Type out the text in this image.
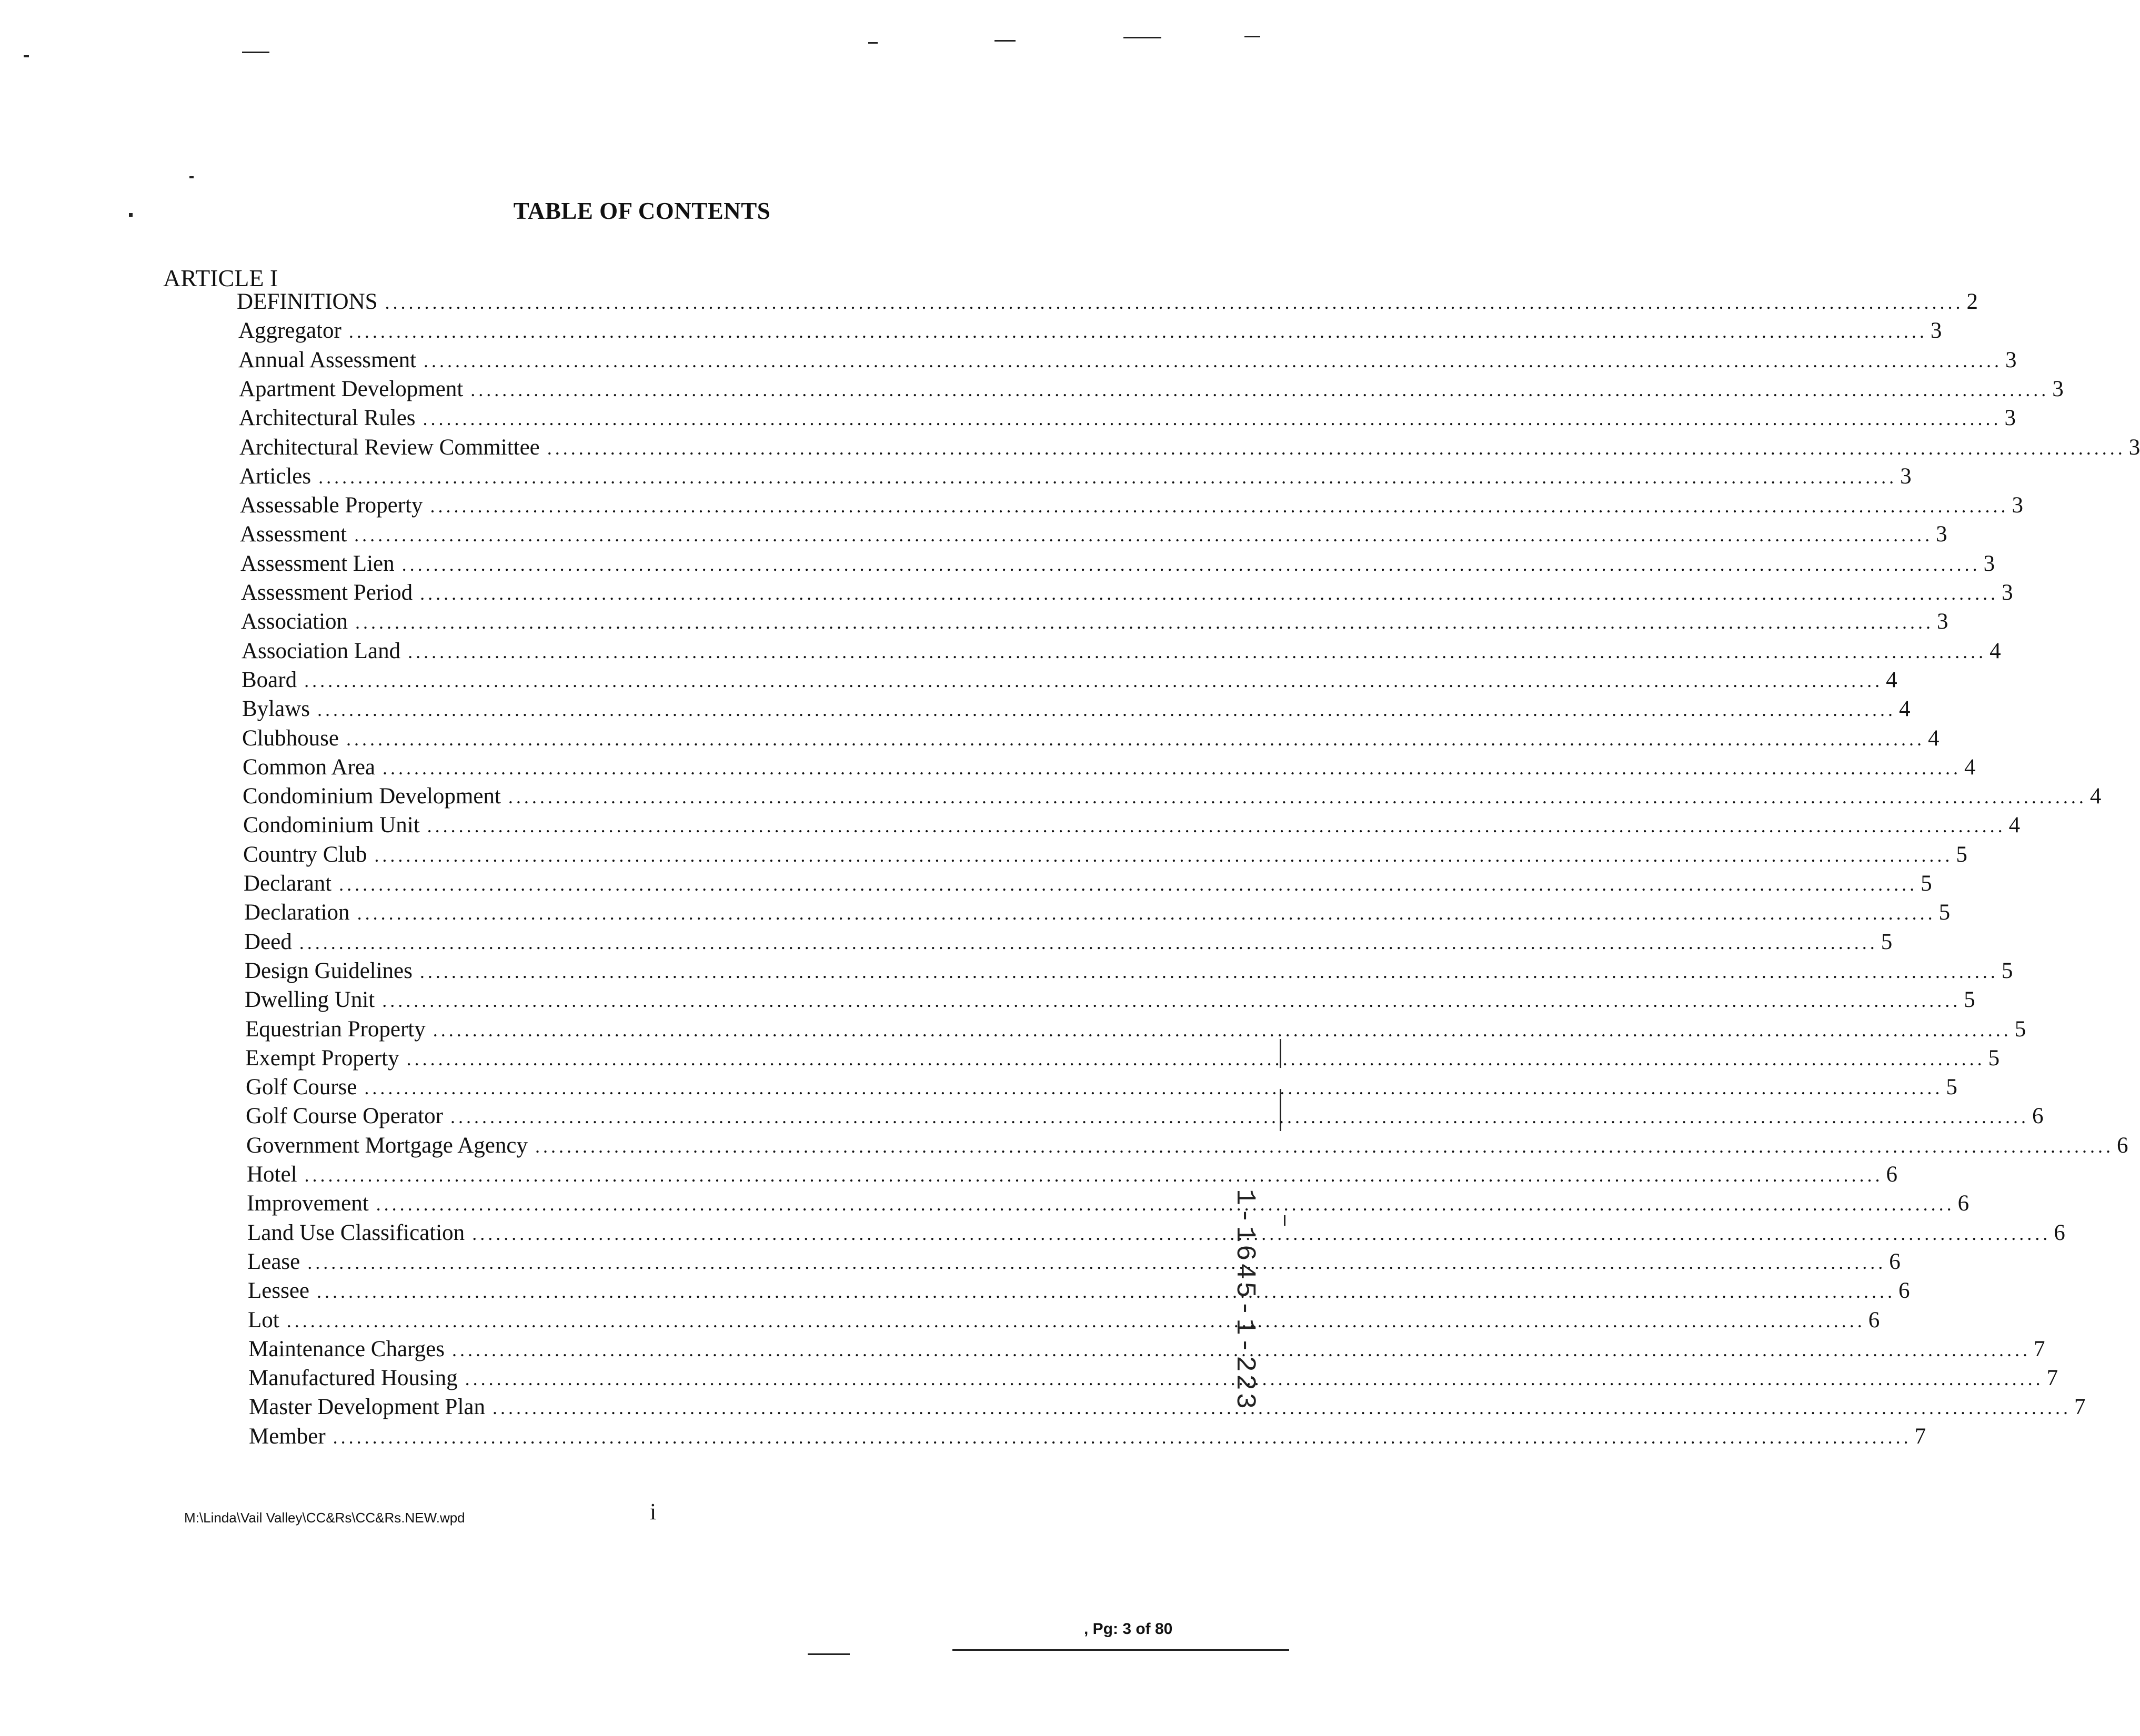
TABLE OF CONTENTS
ARTICLE I
DEFINITIONS ........................................................................................................................................................................................................ 2
Aggregator ........................................................................................................................................................................................................ 3
Annual Assessment ........................................................................................................................................................................................................ 3
Apartment Development ........................................................................................................................................................................................................ 3
Architectural Rules ........................................................................................................................................................................................................ 3
Architectural Review Committee ........................................................................................................................................................................................................ 3
Articles ........................................................................................................................................................................................................ 3
Assessable Property ........................................................................................................................................................................................................ 3
Assessment ........................................................................................................................................................................................................ 3
Assessment Lien ........................................................................................................................................................................................................ 3
Assessment Period ........................................................................................................................................................................................................ 3
Association ........................................................................................................................................................................................................ 3
Association Land ........................................................................................................................................................................................................ 4
Board ........................................................................................................................................................................................................ 4
Bylaws ........................................................................................................................................................................................................ 4
Clubhouse ........................................................................................................................................................................................................ 4
Common Area ........................................................................................................................................................................................................ 4
Condominium Development ........................................................................................................................................................................................................ 4
Condominium Unit ........................................................................................................................................................................................................ 4
Country Club ........................................................................................................................................................................................................ 5
Declarant ........................................................................................................................................................................................................ 5
Declaration ........................................................................................................................................................................................................ 5
Deed ........................................................................................................................................................................................................ 5
Design Guidelines ........................................................................................................................................................................................................ 5
Dwelling Unit ........................................................................................................................................................................................................ 5
Equestrian Property ........................................................................................................................................................................................................ 5
Exempt Property ........................................................................................................................................................................................................ 5
Golf Course ........................................................................................................................................................................................................ 5
Golf Course Operator ........................................................................................................................................................................................................ 6
Government Mortgage Agency ........................................................................................................................................................................................................ 6
Hotel ........................................................................................................................................................................................................ 6
Improvement ........................................................................................................................................................................................................ 6
Land Use Classification ........................................................................................................................................................................................................ 6
Lease ........................................................................................................................................................................................................ 6
Lessee ........................................................................................................................................................................................................ 6
Lot ........................................................................................................................................................................................................ 6
Maintenance Charges ........................................................................................................................................................................................................ 7
Manufactured Housing ........................................................................................................................................................................................................ 7
Master Development Plan ........................................................................................................................................................................................................ 7
Member ........................................................................................................................................................................................................ 7
M:\Linda\Vail Valley\CC&Rs\CC&Rs.NEW.wpd	i
1-1645-1-223
, Pg: 3 of 80
